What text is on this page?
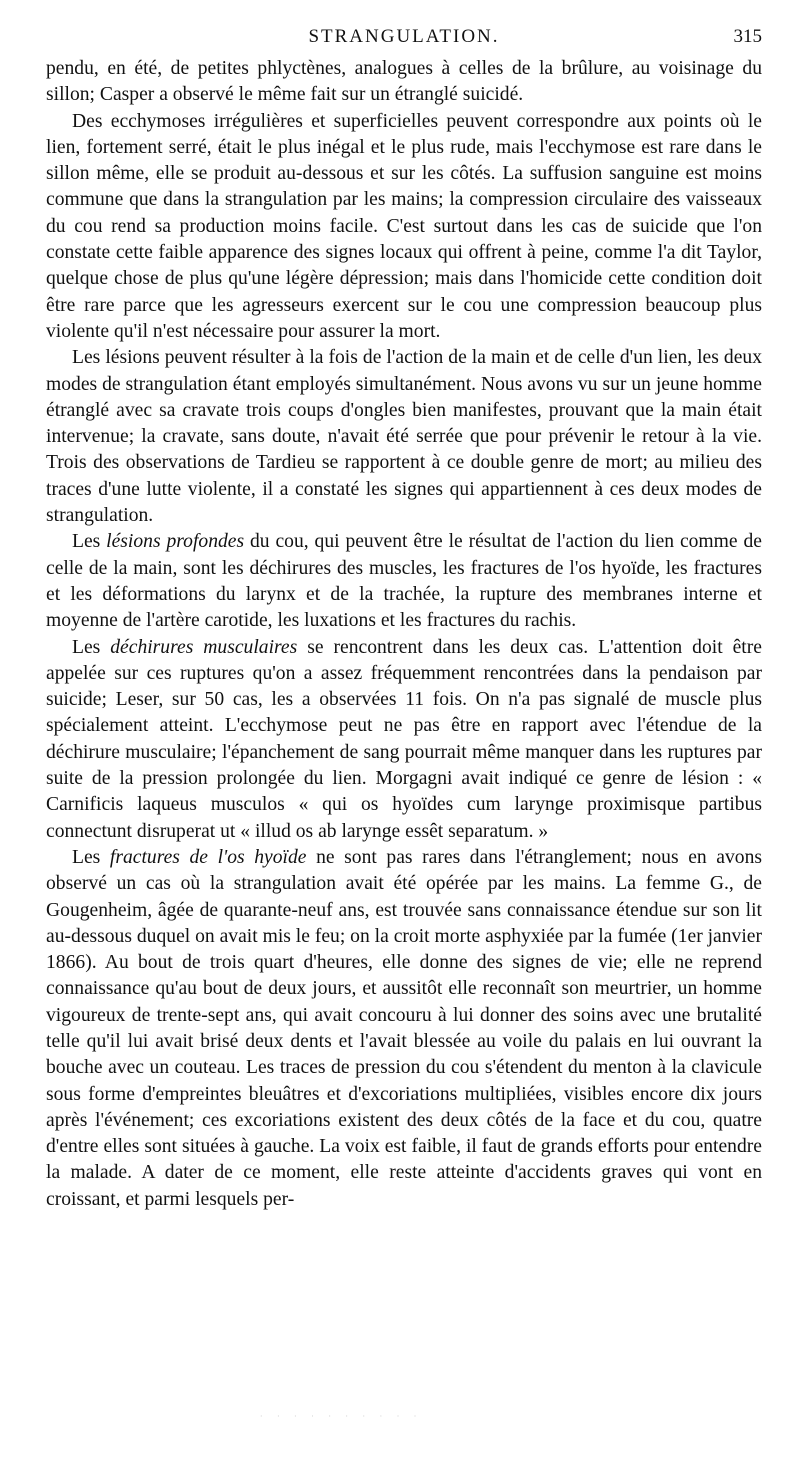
STRANGULATION.	315

pendu, en été, de petites phlyctènes, analogues à celles de la brûlure, au voisinage du sillon; Casper a observé le même fait sur un étranglé suicidé.

Des ecchymoses irrégulières et superficielles peuvent correspondre aux points où le lien, fortement serré, était le plus inégal et le plus rude, mais l'ecchymose est rare dans le sillon même, elle se produit au-dessous et sur les côtés. La suffusion sanguine est moins commune que dans la strangulation par les mains; la compression circulaire des vaisseaux du cou rend sa production moins facile. C'est surtout dans les cas de suicide que l'on constate cette faible apparence des signes locaux qui offrent à peine, comme l'a dit Taylor, quelque chose de plus qu'une légère dépression; mais dans l'homicide cette condition doit être rare parce que les agresseurs exercent sur le cou une compression beaucoup plus violente qu'il n'est nécessaire pour assurer la mort.

Les lésions peuvent résulter à la fois de l'action de la main et de celle d'un lien, les deux modes de strangulation étant employés simultanément. Nous avons vu sur un jeune homme étranglé avec sa cravate trois coups d'ongles bien manifestes, prouvant que la main était intervenue; la cravate, sans doute, n'avait été serrée que pour prévenir le retour à la vie. Trois des observations de Tardieu se rapportent à ce double genre de mort; au milieu des traces d'une lutte violente, il a constaté les signes qui appartiennent à ces deux modes de strangulation.

Les lésions profondes du cou, qui peuvent être le résultat de l'action du lien comme de celle de la main, sont les déchirures des muscles, les fractures de l'os hyoïde, les fractures et les déformations du larynx et de la trachée, la rupture des membranes interne et moyenne de l'artère carotide, les luxations et les fractures du rachis.

Les déchirures musculaires se rencontrent dans les deux cas. L'attention doit être appelée sur ces ruptures qu'on a assez fréquemment rencontrées dans la pendaison par suicide; Leser, sur 50 cas, les a observées 11 fois. On n'a pas signalé de muscle plus spécialement atteint. L'ecchymose peut ne pas être en rapport avec l'étendue de la déchirure musculaire; l'épanchement de sang pourrait même manquer dans les ruptures par suite de la pression prolongée du lien. Morgagni avait indiqué ce genre de lésion : « Carnificis laqueus musculos « qui os hyoïdes cum larynge proximisque partibus connectunt disruperat ut « illud os ab larynge essêt separatum. »

Les fractures de l'os hyoïde ne sont pas rares dans l'étranglement; nous en avons observé un cas où la strangulation avait été opérée par les mains. La femme G., de Gougenheim, âgée de quarante-neuf ans, est trouvée sans connaissance étendue sur son lit au-dessous duquel on avait mis le feu; on la croit morte asphyxiée par la fumée (1er janvier 1866). Au bout de trois quart d'heures, elle donne des signes de vie; elle ne reprend connaissance qu'au bout de deux jours, et aussitôt elle reconnaît son meurtrier, un homme vigoureux de trente-sept ans, qui avait concouru à lui donner des soins avec une brutalité telle qu'il lui avait brisé deux dents et l'avait blessée au voile du palais en lui ouvrant la bouche avec un couteau. Les traces de pression du cou s'étendent du menton à la clavicule sous forme d'empreintes bleuâtres et d'excoriations multipliées, visibles encore dix jours après l'événement; ces excoriations existent des deux côtés de la face et du cou, quatre d'entre elles sont situées à gauche. La voix est faible, il faut de grands efforts pour entendre la malade. A dater de ce moment, elle reste atteinte d'accidents graves qui vont en croissant, et parmi lesquels per-

· · · · · · · · · ·
